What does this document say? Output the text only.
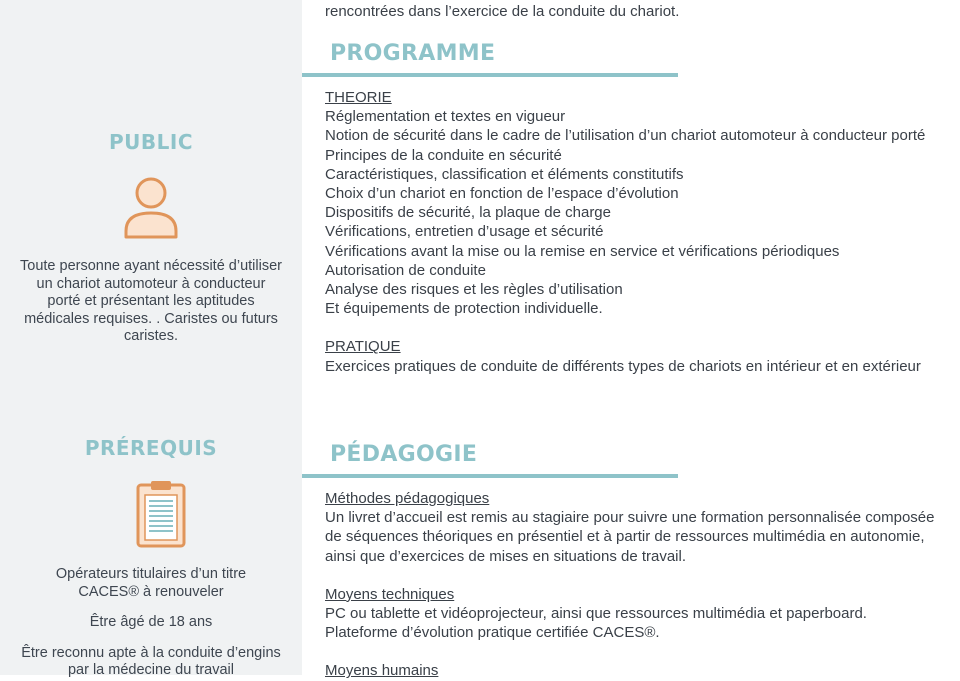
PUBLIC
Toute personne ayant nécessité d’utiliser un chariot automoteur à conducteur porté et présentant les aptitudes médicales requises. . Caristes ou futurs caristes.
PRÉREQUIS
Opérateurs titulaires d’un titre CACES® à renouveler
Être âgé de 18 ans
Être reconnu apte à la conduite d’engins par la médecine du travail
rencontrées dans l’exercice de la conduite du chariot.
PROGRAMME
THEORIE
Réglementation et textes en vigueur
Notion de sécurité dans le cadre de l’utilisation d’un chariot automoteur à conducteur porté
Principes de la conduite en sécurité
Caractéristiques, classification et éléments constitutifs
Choix d’un chariot en fonction de l’espace d’évolution
Dispositifs de sécurité, la plaque de charge
Vérifications, entretien d’usage et sécurité
Vérifications avant la mise ou la remise en service et vérifications périodiques
Autorisation de conduite
Analyse des risques et les règles d’utilisation
Et équipements de protection individuelle.
PRATIQUE
Exercices pratiques de conduite de différents types de chariots en intérieur et en extérieur
PÉDAGOGIE
Méthodes pédagogiques
Un livret d’accueil est remis au stagiaire pour suivre une formation personnalisée composée de séquences théoriques en présentiel et à partir de ressources multimédia en autonomie, ainsi que d’exercices de mises en situations de travail.
Moyens techniques
PC ou tablette et vidéoprojecteur, ainsi que ressources multimédia et paperboard.
Plateforme d’évolution pratique certifiée CACES®.
Moyens humains
